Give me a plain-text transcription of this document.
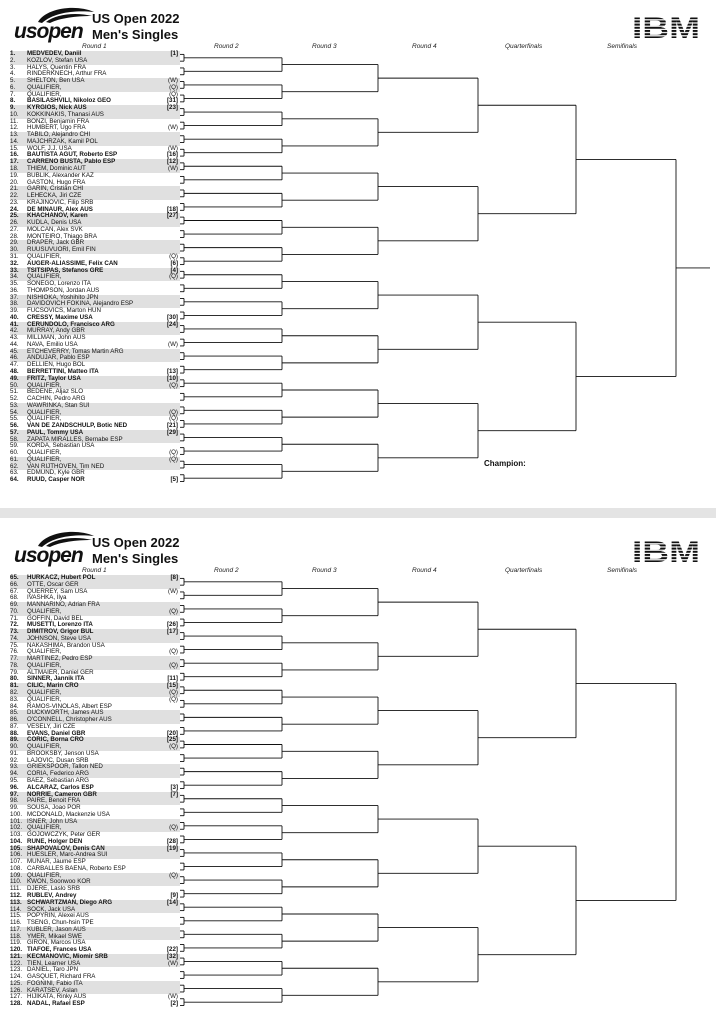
usopen
US Open 2022
Men's Singles	IBM
Round 1	Round 2	Round 3	Round 4	Quarterfinals	Semifinals
1.	MEDVEDEV, Daniil	[1]
2.	KOZLOV, Stefan USA
3.	HALYS, Quentin FRA
4.	RINDERKNECH, Arthur FRA
5.	SHELTON, Ben USA	(W)
6.	QUALIFIER,	(Q)
7.	QUALIFIER,	(Q)
8.	BASILASHVILI, Nikoloz GEO	[31]
9.	KYRGIOS, Nick AUS	[23]
10.	KOKKINAKIS, Thanasi AUS
11.	BONZI, Benjamin FRA
12.	HUMBERT, Ugo FRA	(W)
13.	TABILO, Alejandro CHI
14.	MAJCHRZAK, Kamil POL
15.	WOLF, J.J. USA	(W)
16.	BAUTISTA AGUT, Roberto ESP	[16]
17.	CARRENO BUSTA, Pablo ESP	[12]
18.	THIEM, Dominic AUT	(W)
19.	BUBLIK, Alexander KAZ
20.	GASTON, Hugo FRA
21.	GARIN, Cristian CHI
22.	LEHECKA, Jiri CZE
23.	KRAJINOVIC, Filip SRB
24.	DE MINAUR, Alex AUS	[18]
25.	KHACHANOV, Karen	[27]
26.	KUDLA, Denis USA
27.	MOLCAN, Alex SVK
28.	MONTEIRO, Thiago BRA
29.	DRAPER, Jack GBR
30.	RUUSUVUORI, Emil FIN
31.	QUALIFIER,	(Q)
32.	AUGER-ALIASSIME, Felix CAN	[6]
33.	TSITSIPAS, Stefanos GRE	[4]
34.	QUALIFIER,	(Q)
35.	SONEGO, Lorenzo ITA
36.	THOMPSON, Jordan AUS
37.	NISHIOKA, Yoshihito JPN
38.	DAVIDOVICH FOKINA, Alejandro ESP
39.	FUCSOVICS, Marton HUN
40.	CRESSY, Maxime USA	[30]
41.	CERUNDOLO, Francisco ARG	[24]
42.	MURRAY, Andy GBR
43.	MILLMAN, John AUS
44.	NAVA, Emilio USA	(W)
45.	ETCHEVERRY, Tomas Martin ARG
46.	ANDUJAR, Pablo ESP
47.	DELLIEN, Hugo BOL
48.	BERRETTINI, Matteo ITA	[13]
49.	FRITZ, Taylor USA	[10]
50.	QUALIFIER,	(Q)
51.	BEDENE, Aljaz SLO
52.	CACHIN, Pedro ARG
53.	WAWRINKA, Stan SUI
54.	QUALIFIER,	(Q)
55.	QUALIFIER,	(Q)
56.	VAN DE ZANDSCHULP, Botic NED	[21]
57.	PAUL, Tommy USA	[29]
58.	ZAPATA MIRALLES, Bernabe ESP
59.	KORDA, Sebastian USA
60.	QUALIFIER,	(Q)
61.	QUALIFIER,	(Q)
62.	VAN RIJTHOVEN, Tim NED
63.	EDMUND, Kyle GBR
64.	RUUD, Casper NOR	[5]
Champion:
usopen
US Open 2022
Men's Singles	IBM
Round 1	Round 2	Round 3	Round 4	Quarterfinals	Semifinals
65.	HURKACZ, Hubert POL	[8]
66.	OTTE, Oscar GER
67.	QUERREY, Sam USA	(W)
68.	IVASHKA, Ilya
69.	MANNARINO, Adrian FRA
70.	QUALIFIER,	(Q)
71.	GOFFIN, David BEL
72.	MUSETTI, Lorenzo ITA	[26]
73.	DIMITROV, Grigor BUL	[17]
74.	JOHNSON, Steve USA
75.	NAKASHIMA, Brandon USA
76.	QUALIFIER,	(Q)
77.	MARTINEZ, Pedro ESP
78.	QUALIFIER,	(Q)
79.	ALTMAIER, Daniel GER
80.	SINNER, Jannik ITA	[11]
81.	CILIC, Marin CRO	[15]
82.	QUALIFIER,	(Q)
83.	QUALIFIER,	(Q)
84.	RAMOS-VINOLAS, Albert ESP
85.	DUCKWORTH, James AUS
86.	O'CONNELL, Christopher AUS
87.	VESELY, Jiri CZE
88.	EVANS, Daniel GBR	[20]
89.	CORIC, Borna CRO	[25]
90.	QUALIFIER,	(Q)
91.	BROOKSBY, Jenson USA
92.	LAJOVIC, Dusan SRB
93.	GRIEKSPOOR, Tallon NED
94.	CORIA, Federico ARG
95.	BAEZ, Sebastian ARG
96.	ALCARAZ, Carlos ESP	[3]
97.	NORRIE, Cameron GBR	[7]
98.	PAIRE, Benoit FRA
99.	SOUSA, Joao POR
100. MCDONALD, Mackenzie USA
101. ISNER, John USA
102. QUALIFIER,	(Q)
103. GOJOWCZYK, Peter GER
104. RUNE, Holger DEN	[28]
105. SHAPOVALOV, Denis CAN	[19]
106. HUESLER, Marc-Andrea SUI
107. MUNAR, Jaume ESP
108. CARBALLES BAENA, Roberto ESP
109. QUALIFIER,	(Q)
110. KWON, Soonwoo KOR
111. DJERE, Laslo SRB
112. RUBLEV, Andrey	[9]
113. SCHWARTZMAN, Diego ARG	[14]
114. SOCK, Jack USA
115. POPYRIN, Alexei AUS
116. TSENG, Chun-hsin TPE
117. KUBLER, Jason AUS
118. YMER, Mikael SWE
119. GIRON, Marcos USA
120. TIAFOE, Frances USA	[22]
121. KECMANOVIC, Miomir SRB	[32]
122. TIEN, Learner USA	(W)
123. DANIEL, Taro JPN
124. GASQUET, Richard FRA
125. FOGNINI, Fabio ITA
126. KARATSEV, Aslan
127. HIJIKATA, Rinky AUS	(W)
128. NADAL, Rafael ESP	[2]
